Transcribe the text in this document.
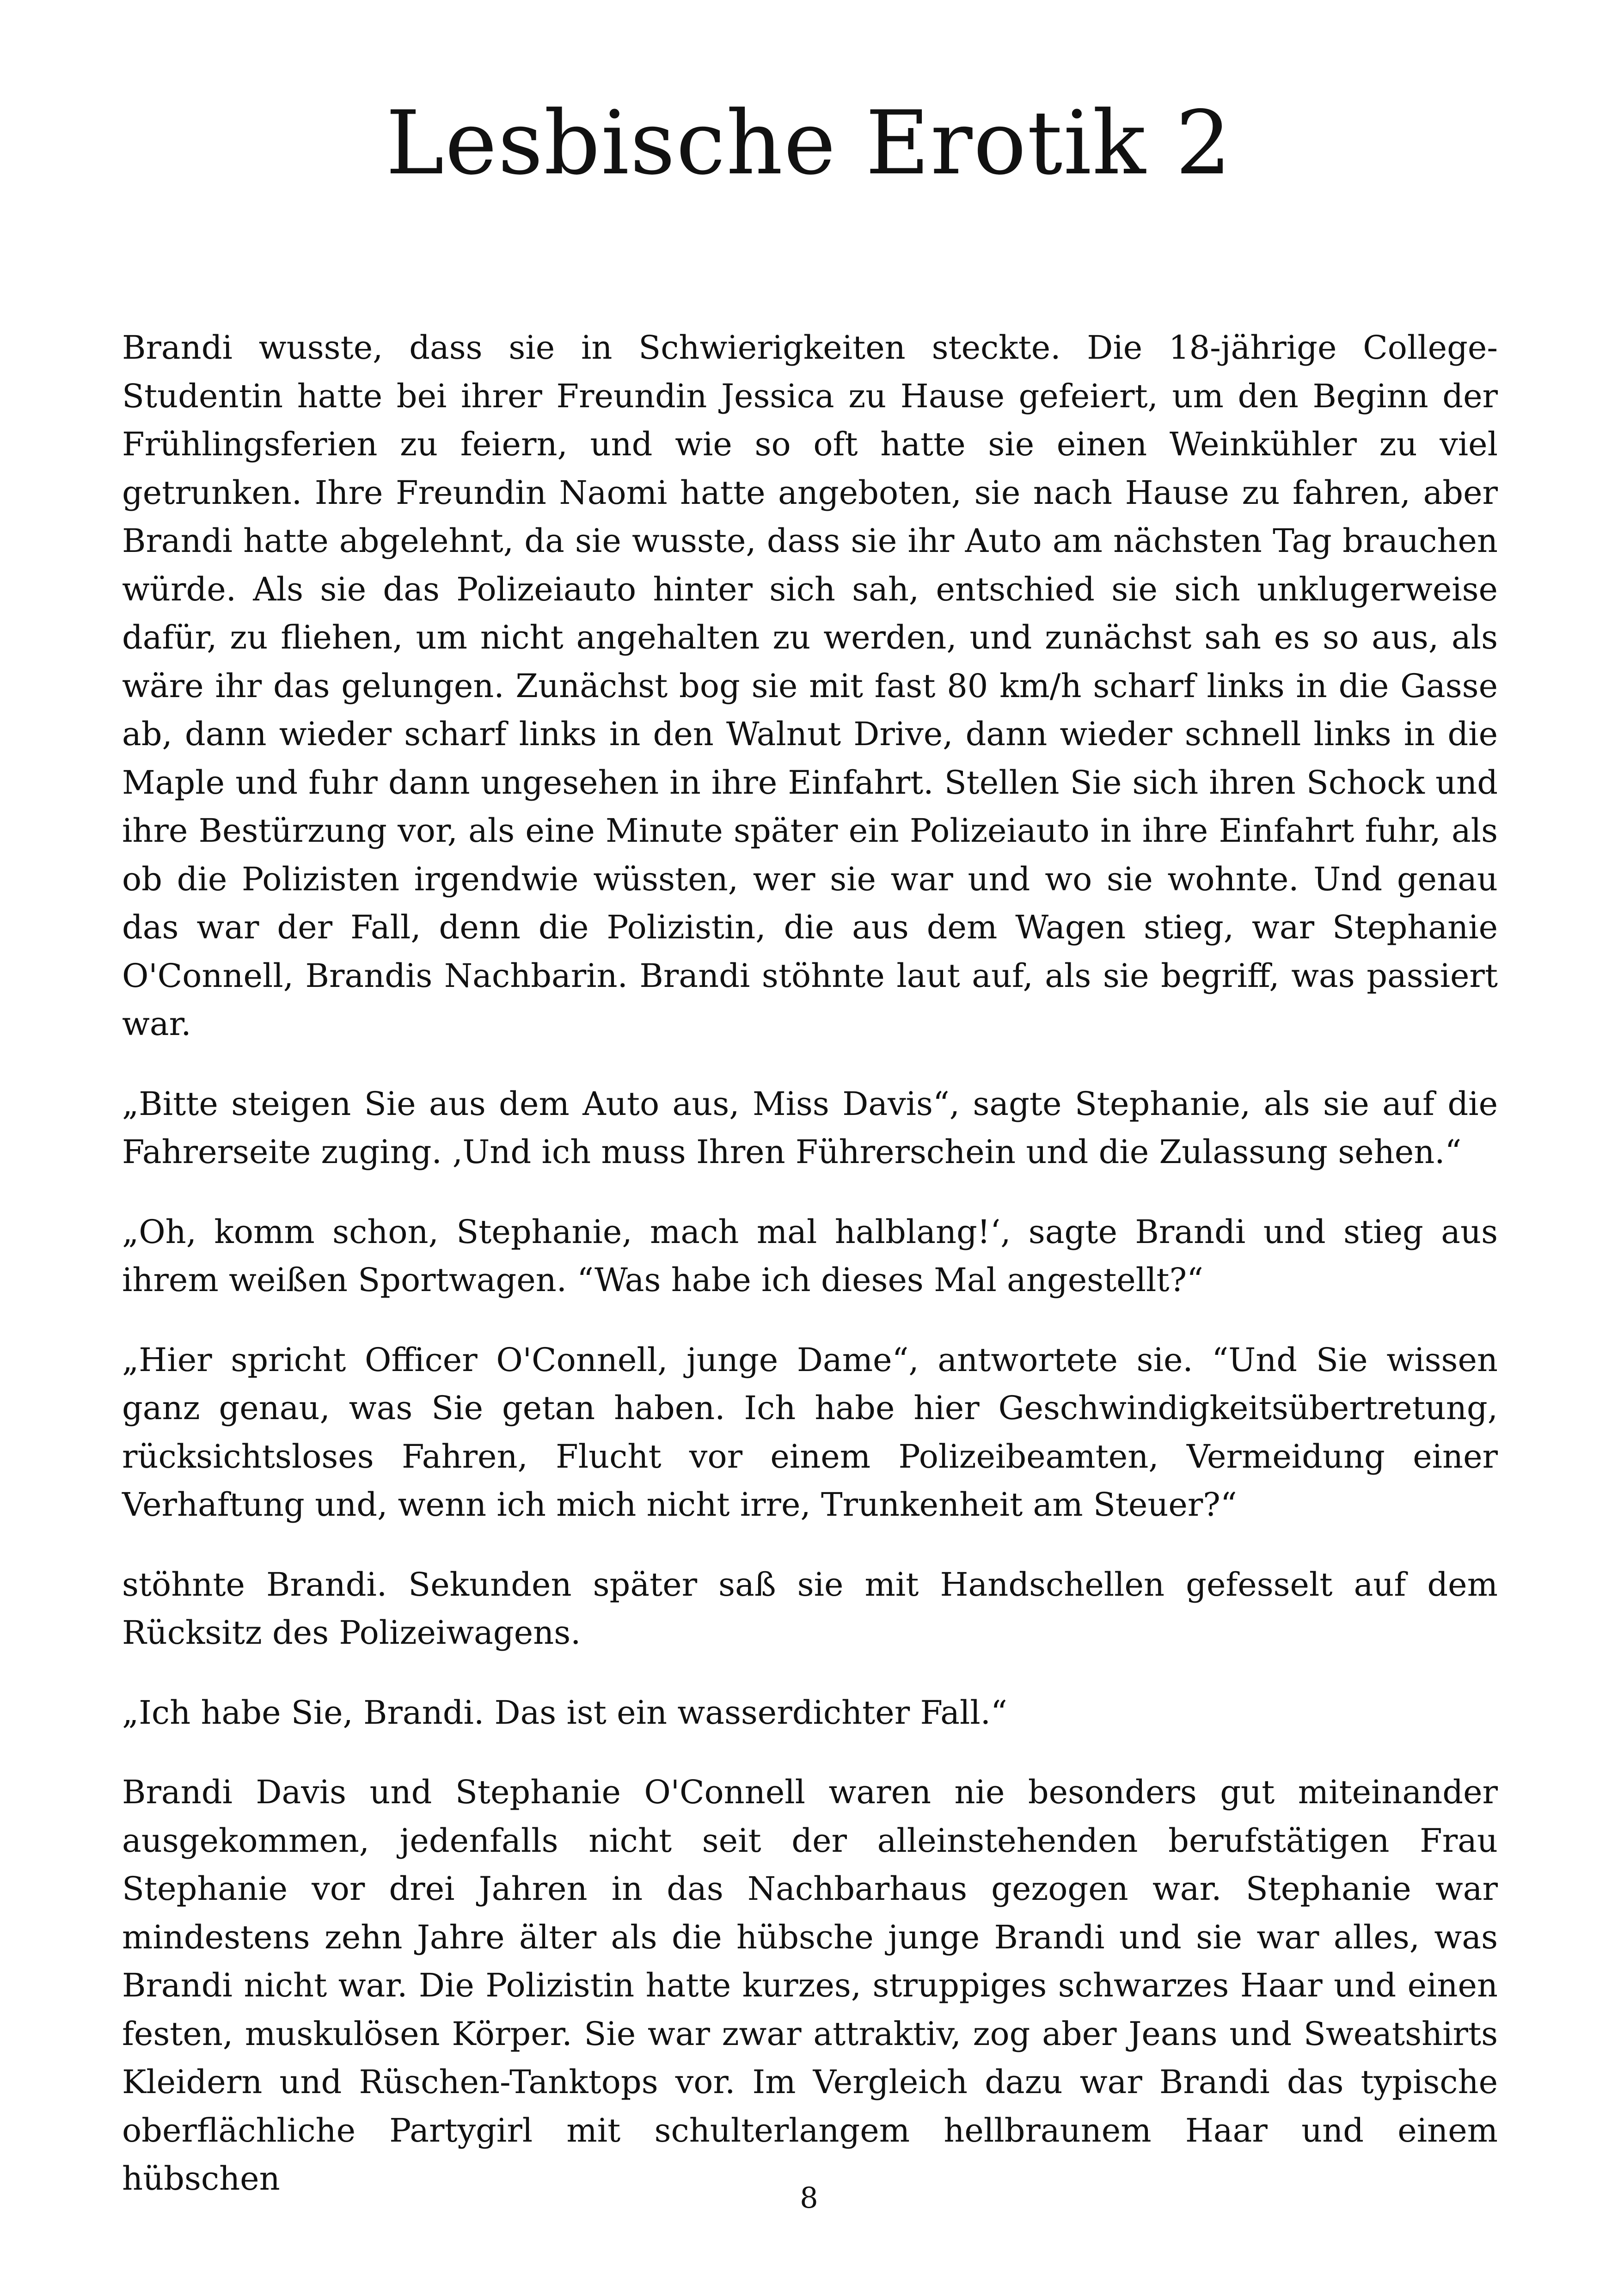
Lesbische Erotik 2

Brandi wusste, dass sie in Schwierigkeiten steckte. Die 18-jährige College-Studentin hatte bei ihrer Freundin Jessica zu Hause gefeiert, um den Beginn der Frühlingsferien zu feiern, und wie so oft hatte sie einen Weinkühler zu viel getrunken. Ihre Freundin Naomi hatte angeboten, sie nach Hause zu fahren, aber Brandi hatte abgelehnt, da sie wusste, dass sie ihr Auto am nächsten Tag brauchen würde. Als sie das Polizeiauto hinter sich sah, entschied sie sich unklugerweise dafür, zu fliehen, um nicht angehalten zu werden, und zunächst sah es so aus, als wäre ihr das gelungen. Zunächst bog sie mit fast 80 km/h scharf links in die Gasse ab, dann wieder scharf links in den Walnut Drive, dann wieder schnell links in die Maple und fuhr dann ungesehen in ihre Einfahrt. Stellen Sie sich ihren Schock und ihre Bestürzung vor, als eine Minute später ein Polizeiauto in ihre Einfahrt fuhr, als ob die Polizisten irgendwie wüssten, wer sie war und wo sie wohnte. Und genau das war der Fall, denn die Polizistin, die aus dem Wagen stieg, war Stephanie O'Connell, Brandis Nachbarin. Brandi stöhnte laut auf, als sie begriff, was passiert war.

„Bitte steigen Sie aus dem Auto aus, Miss Davis“, sagte Stephanie, als sie auf die Fahrerseite zuging. ‚Und ich muss Ihren Führerschein und die Zulassung sehen.“

„Oh, komm schon, Stephanie, mach mal halblang!‘, sagte Brandi und stieg aus ihrem weißen Sportwagen. “Was habe ich dieses Mal angestellt?“

„Hier spricht Officer O'Connell, junge Dame“, antwortete sie. “Und Sie wissen ganz genau, was Sie getan haben. Ich habe hier Geschwindigkeitsübertretung, rücksichtsloses Fahren, Flucht vor einem Polizeibeamten, Vermeidung einer Verhaftung und, wenn ich mich nicht irre, Trunkenheit am Steuer?“

stöhnte Brandi. Sekunden später saß sie mit Handschellen gefesselt auf dem Rücksitz des Polizeiwagens.

„Ich habe Sie, Brandi. Das ist ein wasserdichter Fall.“

Brandi Davis und Stephanie O'Connell waren nie besonders gut miteinander ausgekommen, jedenfalls nicht seit der alleinstehenden berufstätigen Frau Stephanie vor drei Jahren in das Nachbarhaus gezogen war. Stephanie war mindestens zehn Jahre älter als die hübsche junge Brandi und sie war alles, was Brandi nicht war. Die Polizistin hatte kurzes, struppiges schwarzes Haar und einen festen, muskulösen Körper. Sie war zwar attraktiv, zog aber Jeans und Sweatshirts Kleidern und Rüschen-Tanktops vor. Im Vergleich dazu war Brandi das typische oberflächliche Partygirl mit schulterlangem hellbraunem Haar und einem hübschen

8
